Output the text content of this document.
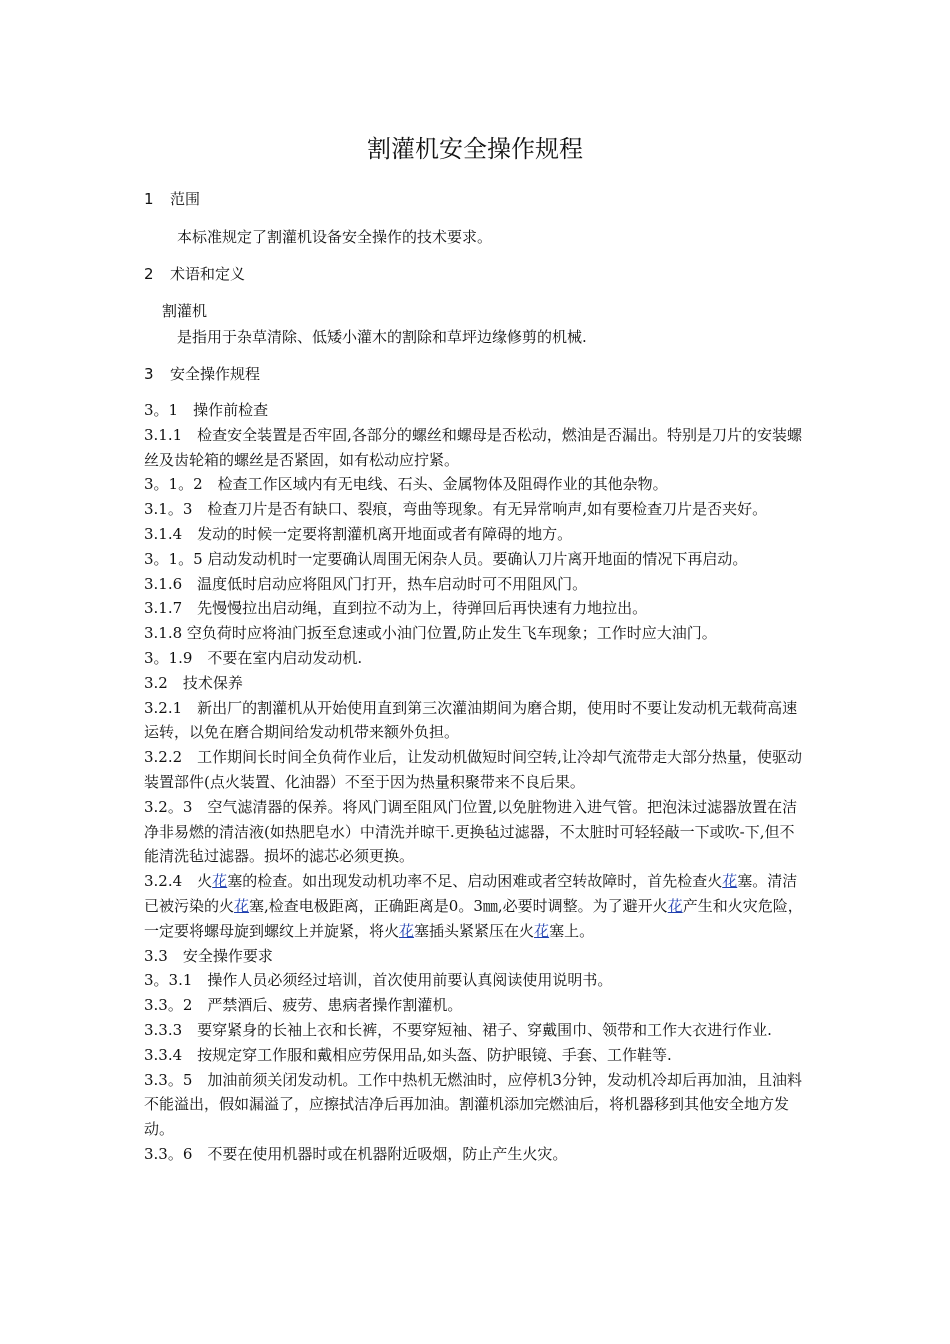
割灌机安全操作规程
1 范围
本标准规定了割灌机设备安全操作的技术要求。
2 术语和定义
割灌机
是指用于杂草清除、低矮小灌木的割除和草坪边缘修剪的机械.
3 安全操作规程

3。1　操作前检查

3.1.1　检查安全装置是否牢固,各部分的螺丝和螺母是否松动，燃油是否漏出。特别是刀片的安装螺丝及齿轮箱的螺丝是否紧固，如有松动应拧紧。

3。1。2　检查工作区域内有无电线、石头、金属物体及阻碍作业的其他杂物。

3.1。3　检查刀片是否有缺口、裂痕，弯曲等现象。有无异常响声,如有要检查刀片是否夹好。

3.1.4　发动的时候一定要将割灌机离开地面或者有障碍的地方。

3。1。5 启动发动机时一定要确认周围无闲杂人员。要确认刀片离开地面的情况下再启动。

3.1.6　温度低时启动应将阻风门打开，热车启动时可不用阻风门。

3.1.7　先慢慢拉出启动绳，直到拉不动为上，待弹回后再快速有力地拉出。

3.1.8 空负荷时应将油门扳至怠速或小油门位置,防止发生飞车现象；工作时应大油门。

3。1.9　不要在室内启动发动机.

3.2　技术保养

3.2.1　新出厂的割灌机从开始使用直到第三次灌油期间为磨合期，使用时不要让发动机无载荷高速运转，以免在磨合期间给发动机带来额外负担。

3.2.2　工作期间长时间全负荷作业后，让发动机做短时间空转,让冷却气流带走大部分热量，使驱动装置部件(点火装置、化油器）不至于因为热量积聚带来不良后果。

3.2。3　空气滤清器的保养。将风门调至阻风门位置,以免脏物进入进气管。把泡沫过滤器放置在洁净非易燃的清洁液(如热肥皂水）中清洗并晾干.更换毡过滤器，不太脏时可轻轻敲一下或吹-下,但不能清洗毡过滤器。损坏的滤芯必须更换。

3.2.4　火花塞的检查。如出现发动机功率不足、启动困难或者空转故障时，首先检查火花塞。清洁已被污染的火花塞,检查电极距离，正确距离是0。3㎜,必要时调整。为了避开火花产生和火灾危险，一定要将螺母旋到螺纹上并旋紧，将火花塞插头紧紧压在火花塞上。

3.3　安全操作要求

3。3.1　操作人员必须经过培训，首次使用前要认真阅读使用说明书。

3.3。2　严禁酒后、疲劳、患病者操作割灌机。

3.3.3　要穿紧身的长袖上衣和长裤，不要穿短袖、裙子、穿戴围巾、领带和工作大衣进行作业.

3.3.4　按规定穿工作服和戴相应劳保用品,如头盔、防护眼镜、手套、工作鞋等.

3.3。5　加油前须关闭发动机。工作中热机无燃油时，应停机3分钟，发动机冷却后再加油，且油料不能溢出，假如漏溢了，应擦拭洁净后再加油。割灌机添加完燃油后，将机器移到其他安全地方发动。

3.3。6　不要在使用机器时或在机器附近吸烟，防止产生火灾。
